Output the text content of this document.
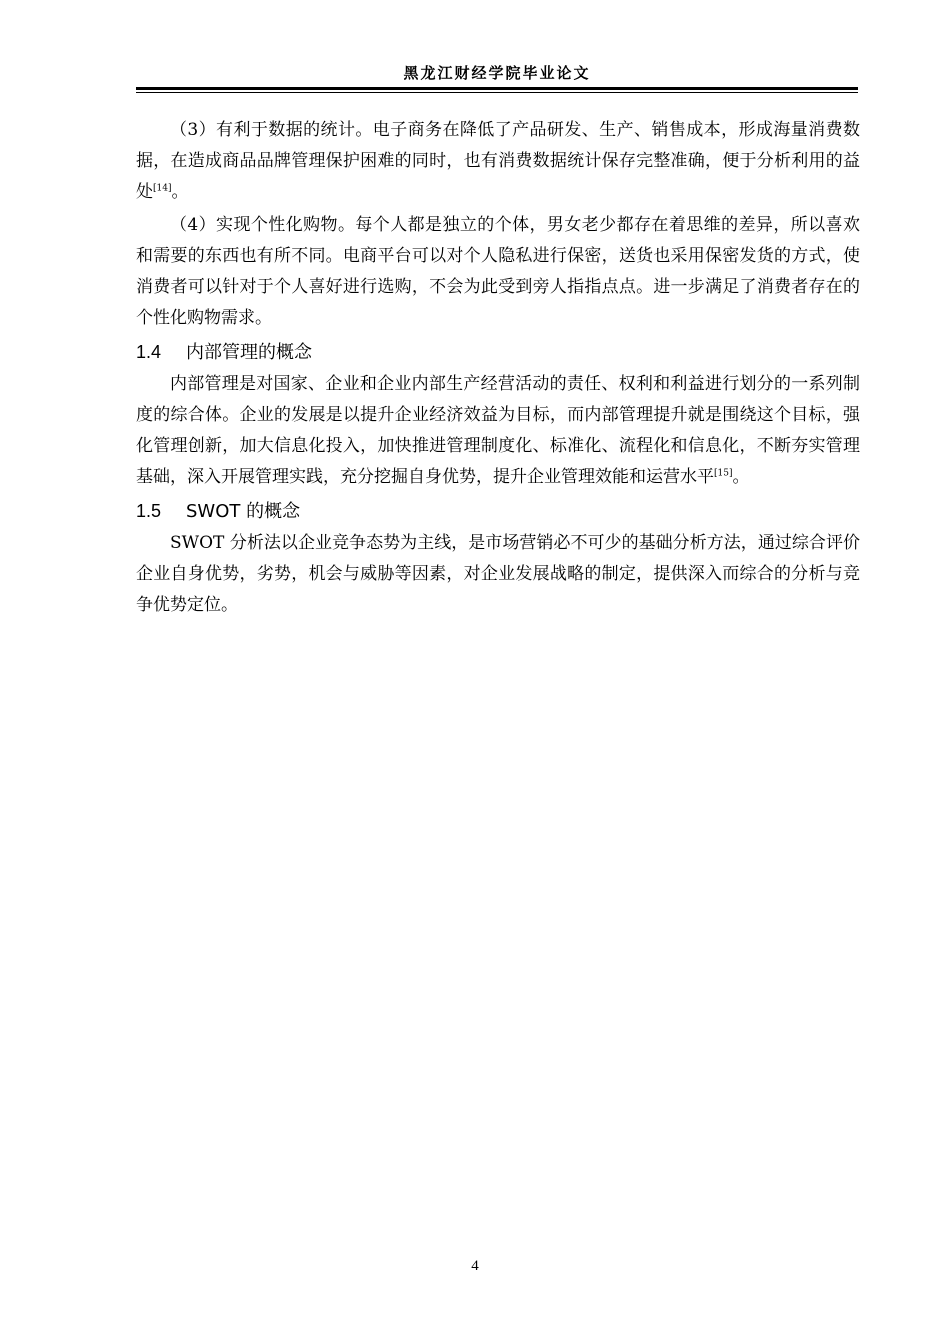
黑龙江财经学院毕业论文

（3）有利于数据的统计。电子商务在降低了产品研发、生产、销售成本，形成海量消费数据，在造成商品品牌管理保护困难的同时，也有消费数据统计保存完整准确，便于分析利用的益处[14]。

（4）实现个性化购物。每个人都是独立的个体，男女老少都存在着思维的差异，所以喜欢和需要的东西也有所不同。电商平台可以对个人隐私进行保密，送货也采用保密发货的方式，使消费者可以针对于个人喜好进行选购，不会为此受到旁人指指点点。进一步满足了消费者存在的个性化购物需求。

1.4 内部管理的概念

内部管理是对国家、企业和企业内部生产经营活动的责任、权利和利益进行划分的一系列制度的综合体。企业的发展是以提升企业经济效益为目标，而内部管理提升就是围绕这个目标，强化管理创新，加大信息化投入，加快推进管理制度化、标准化、流程化和信息化，不断夯实管理基础，深入开展管理实践，充分挖掘自身优势，提升企业管理效能和运营水平[15]。

1.5 SWOT 的概念

SWOT 分析法以企业竞争态势为主线，是市场营销必不可少的基础分析方法，通过综合评价企业自身优势，劣势，机会与威胁等因素，对企业发展战略的制定，提供深入而综合的分析与竞争优势定位。

4
